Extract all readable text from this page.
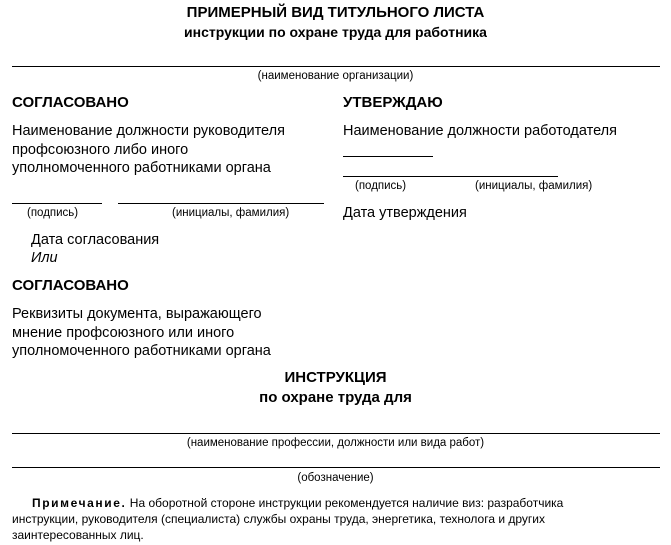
ПРИМЕРНЫЙ ВИД ТИТУЛЬНОГО ЛИСТА
инструкции по охране труда для работника
(наименование организации)
СОГЛАСОВАНО
Наименование должности руководителя
профсоюзного либо иного
уполномоченного работниками органа
(подпись)	(инициалы, фамилия)
Дата согласования
Или
СОГЛАСОВАНО
Реквизиты документа, выражающего
мнение профсоюзного или иного
уполномоченного работниками органа
УТВЕРЖДАЮ
Наименование должности работодателя
(подпись)	(инициалы, фамилия)
Дата утверждения
ИНСТРУКЦИЯ
по охране труда для
(наименование профессии, должности или вида работ)
(обозначение)
Примечание. На оборотной стороне инструкции рекомендуется наличие виз: разработчика
инструкции, руководителя (специалиста) службы охраны труда, энергетика, технолога и других
заинтересованных лиц.
